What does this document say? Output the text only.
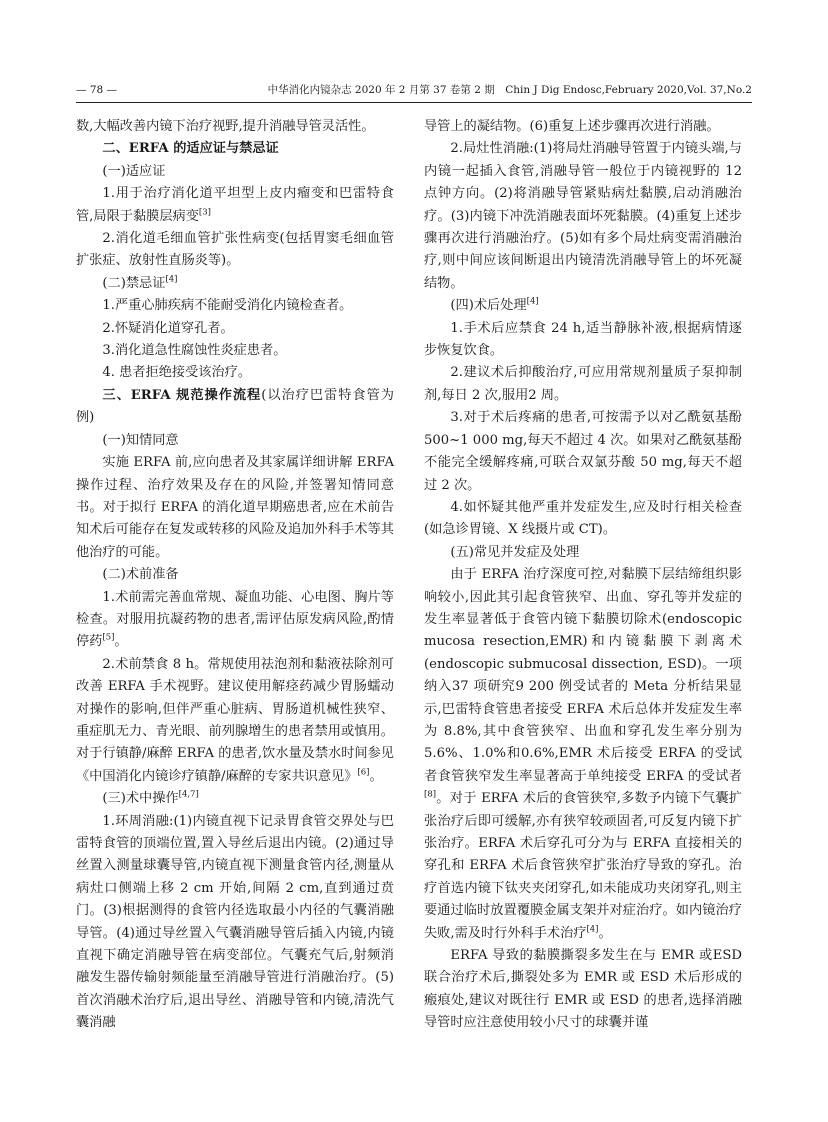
— 78 —	中华消化内镜杂志 2020 年 2 月第 37 卷第 2 期　Chin J Dig Endosc,February 2020,Vol. 37,No.2

数,大幅改善内镜下治疗视野,提升消融导管灵活性。

二、ERFA 的适应证与禁忌证

(一)适应证

1.用于治疗消化道平坦型上皮内瘤变和巴雷特食管,局限于黏膜层病变[3]

2.消化道毛细血管扩张性病变(包括胃窦毛细血管扩张症、放射性直肠炎等)。

(二)禁忌证[4]

1.严重心肺疾病不能耐受消化内镜检查者。

2.怀疑消化道穿孔者。

3.消化道急性腐蚀性炎症患者。

4. 患者拒绝接受该治疗。

三、ERFA 规范操作流程(以治疗巴雷特食管为例)

(一)知情同意

实施 ERFA 前,应向患者及其家属详细讲解 ERFA 操作过程、治疗效果及存在的风险,并签署知情同意书。对于拟行 ERFA 的消化道早期癌患者,应在术前告知术后可能存在复发或转移的风险及追加外科手术等其他治疗的可能。

(二)术前准备

1.术前需完善血常规、凝血功能、心电图、胸片等检查。对服用抗凝药物的患者,需评估原发病风险,酌情停药[5]。

2.术前禁食 8 h。常规使用祛泡剂和黏液祛除剂可改善 ERFA 手术视野。建议使用解痉药减少胃肠蠕动对操作的影响,但伴严重心脏病、胃肠道机械性狭窄、重症肌无力、青光眼、前列腺增生的患者禁用或慎用。对于行镇静/麻醉 ERFA 的患者,饮水量及禁水时间参见《中国消化内镜诊疗镇静/麻醉的专家共识意见》[6]。

(三)术中操作[4,7]

1.环周消融:(1)内镜直视下记录胃食管交界处与巴雷特食管的顶端位置,置入导丝后退出内镜。(2)通过导丝置入测量球囊导管,内镜直视下测量食管内径,测量从病灶口侧端上移 2 cm 开始,间隔 2 cm,直到通过贲门。(3)根据测得的食管内径选取最小内径的气囊消融导管。(4)通过导丝置入气囊消融导管后插入内镜,内镜直视下确定消融导管在病变部位。气囊充气后,射频消融发生器传输射频能量至消融导管进行消融治疗。(5)首次消融术治疗后,退出导丝、消融导管和内镜,清洗气囊消融

导管上的凝结物。(6)重复上述步骤再次进行消融。

2.局灶性消融:(1)将局灶消融导管置于内镜头端,与内镜一起插入食管,消融导管一般位于内镜视野的 12 点钟方向。(2)将消融导管紧贴病灶黏膜,启动消融治疗。(3)内镜下冲洗消融表面坏死黏膜。(4)重复上述步骤再次进行消融治疗。(5)如有多个局灶病变需消融治疗,则中间应该间断退出内镜清洗消融导管上的坏死凝结物。

(四)术后处理[4]

1.手术后应禁食 24 h,适当静脉补液,根据病情逐步恢复饮食。

2.建议术后抑酸治疗,可应用常规剂量质子泵抑制剂,每日 2 次,服用2 周。

3.对于术后疼痛的患者,可按需予以对乙酰氨基酚 500~1 000 mg,每天不超过 4 次。如果对乙酰氨基酚不能完全缓解疼痛,可联合双氯芬酸 50 mg,每天不超过 2 次。

4.如怀疑其他严重并发症发生,应及时行相关检查(如急诊胃镜、X 线摄片或 CT)。

(五)常见并发症及处理

由于 ERFA 治疗深度可控,对黏膜下层结缔组织影响较小,因此其引起食管狭窄、出血、穿孔等并发症的发生率显著低于食管内镜下黏膜切除术(endoscopic mucosa resection,EMR)和内镜黏膜下剥离术(endoscopic submucosal dissection, ESD)。一项纳入37 项研究9 200 例受试者的 Meta 分析结果显示,巴雷特食管患者接受 ERFA 术后总体并发症发生率为 8.8%,其中食管狭窄、出血和穿孔发生率分别为5.6%、1.0%和0.6%,EMR 术后接受 ERFA 的受试者食管狭窄发生率显著高于单纯接受 ERFA 的受试者[8]。对于 ERFA 术后的食管狭窄,多数予内镜下气囊扩张治疗后即可缓解,亦有狭窄较顽固者,可反复内镜下扩张治疗。ERFA 术后穿孔可分为与 ERFA 直接相关的穿孔和 ERFA 术后食管狭窄扩张治疗导致的穿孔。治疗首选内镜下钛夹夹闭穿孔,如未能成功夹闭穿孔,则主要通过临时放置覆膜金属支架并对症治疗。如内镜治疗失败,需及时行外科手术治疗[4]。

ERFA 导致的黏膜撕裂多发生在与 EMR 或ESD 联合治疗术后,撕裂处多为 EMR 或 ESD 术后形成的瘢痕处,建议对既往行 EMR 或 ESD 的患者,选择消融导管时应注意使用较小尺寸的球囊并谨
